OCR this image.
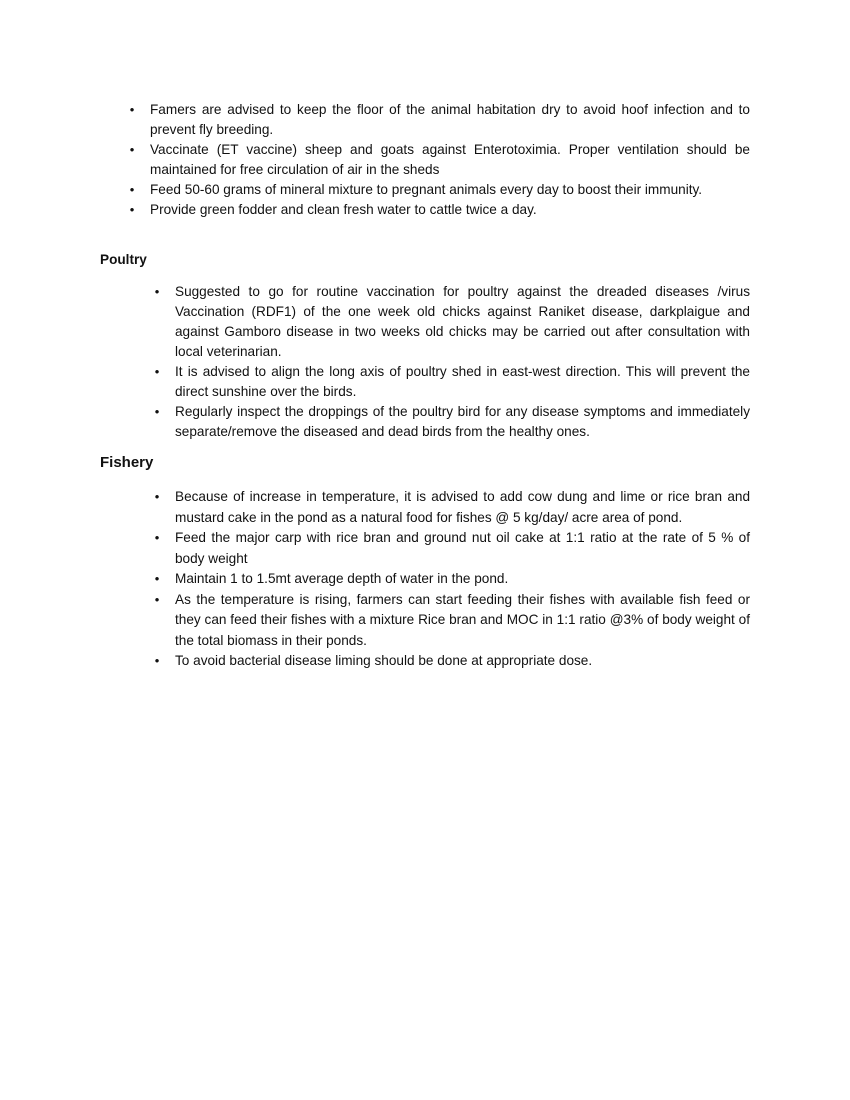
• Famers are advised to keep the floor of the animal habitation dry to avoid hoof infection and to prevent fly breeding.
• Vaccinate (ET vaccine) sheep and goats against Enterotoximia. Proper ventilation should be maintained for free circulation of air in the sheds
• Feed 50-60 grams of mineral mixture to pregnant animals every day to boost their immunity.
• Provide green fodder and clean fresh water to cattle twice a day.
Poultry
• Suggested to go for routine vaccination for poultry against the dreaded diseases /virus Vaccination (RDF1) of the one week old chicks against Raniket disease, darkplaigue and against Gamboro disease in two weeks old chicks may be carried out after consultation with local veterinarian.
• It is advised to align the long axis of poultry shed in east-west direction. This will prevent the direct sunshine over the birds.
• Regularly inspect the droppings of the poultry bird for any disease symptoms and immediately separate/remove the diseased and dead birds from the healthy ones.
Fishery
• Because of increase in temperature, it is advised to add cow dung and lime or rice bran and mustard cake in the pond as a natural food for fishes @ 5 kg/day/ acre area of pond.
• Feed the major carp with rice bran and ground nut oil cake at 1:1 ratio at the rate of 5 % of body weight
• Maintain 1 to 1.5mt average depth of water in the pond.
• As the temperature is rising, farmers can start feeding their fishes with available fish feed or they can feed their fishes with a mixture Rice bran and MOC in 1:1 ratio @3% of body weight of the total biomass in their ponds.
• To avoid bacterial disease liming should be done at appropriate dose.
